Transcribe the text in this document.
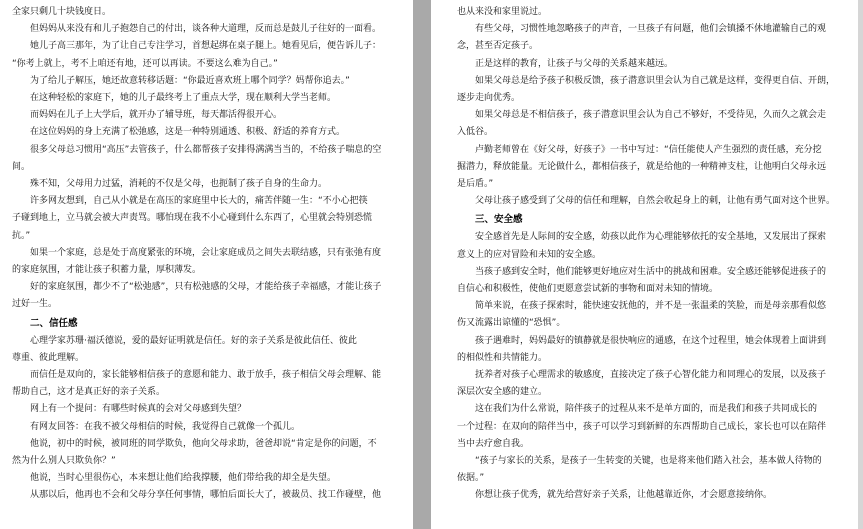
全家只剩几十块钱度日。

但妈妈从来没有和儿子抱怨自己的付出，谈各种大道理，反而总是鼓儿子往好的一面看。

她儿子高三那年，为了让自己专注学习，首想起绑在桌子腿上。她看见后，便告诉儿子：

“你考上就上，考不上咱还有地，还可以再读。不要这么难为自己。”

为了给儿子解压，她还故意转移话题：“你最近喜欢班上哪个同学？妈帮你追去。”

在这种轻松的家庭下，她的儿子最终考上了重点大学，现在顺利大学当老师。

而妈妈在儿子上大学后，就开办了辅导班，每天都活得很开心。

在这位妈妈的身上充满了松弛感，这是一种特别通透、积极、舒适的养育方式。

很多父母总习惯用“高压”去管孩子，什么都帮孩子安排得满满当当的，不给孩子喘息的空

间。

殊不知，父母用力过猛，消耗的不仅是父母，也扼制了孩子自身的生命力。

许多网友想到，自己从小就是在高压的家庭里中长大的，痛苦伴随一生：“不小心把筷

子碰到地上，立马就会被大声责骂。哪怕现在我不小心碰到什么东西了，心里就会特别恐慌

抗。”

如果一个家庭，总是处于高度紧张的环境，会让家庭成员之间失去联结感，只有张弛有度

的家庭氛围，才能让孩子积蓄力量，厚积薄发。

好的家庭氛围，都少不了“松弛感”，只有松弛感的父母，才能给孩子幸福感，才能让孩子

过好一生。

二、信任感

心理学家苏珊·福沃德说，爱的最好证明就是信任。好的亲子关系是彼此信任、彼此

尊重、彼此理解。

而信任是双向的，家长能够相信孩子的意愿和能力、敢于放手，孩子相信父母会理解、能

帮助自己，这才是真正好的亲子关系。

网上有一个提问：有哪些时候真的会对父母感到失望？

有网友回答：在我不被父母相信的时候，我觉得自己就像一个孤儿。

他说，初中的时候，被同班的同学欺负，他向父母求助，爸爸却说“肯定是你的问题，不

然为什么别人只欺负你？”

他说，当时心里很伤心，本来想让他们给我撑腰，他们带给我的却全是失望。

从那以后，他再也不会和父母分享任何事情，哪怕后面长大了，被裁员、找工作碰壁，他

也从来没和家里说过。

有些父母，习惯性地忽略孩子的声音，一旦孩子有问题，他们会镇搡不休地灌输自己的观

念，甚至否定孩子。

正是这样的教育，让孩子与父母的关系越来越远。

如果父母总是给予孩子积极反馈，孩子潜意识里会认为自己就是这样，变得更自信、开朗，

逐步走向优秀。

如果父母总是不相信孩子，孩子潜意识里会认为自己不够好，不受待见，久而久之就会走

入低谷。

卢勤老师曾在《好父母，好孩子》一书中写过：“信任能使人产生强烈的责任感，充分挖

掘潜力，释放能量。无论做什么，都相信孩子，就是给他的一种精神支柱，让他明白父母永远

是后盾。”

父母让孩子感受到了父母的信任和理解，自然会收起身上的刺，让他有勇气面对这个世界。

三、安全感

安全感首先是人际间的安全感，幼孩以此作为心理能够依托的安全基地，又发展出了探索

意义上的应对冒险和未知的安全感。

当孩子感到安全时，他们能够更好地应对生活中的挑战和困难。安全感还能够促进孩子的

自信心和积极性，使他们更愿意尝试新的事物和面对未知的情境。

简单来说，在孩子探索时，能快速安抚他的，并不是一张温柔的笑脸，而是母亲那看似悠

伤又流露出谅懂的“恐惧”。

孩子遇难时，妈妈最好的镇静就是很快响应的通感，在这个过程里，她会体现着上面讲到

的相似性和共情能力。

抚养者对孩子心理需求的敏感度，直接决定了孩子心智化能力和同理心的发展，以及孩子

深层次安全感的建立。

这在我们为什么常说，陪伴孩子的过程从来不是单方面的，而是我们和孩子共同成长的

一个过程：在双向的陪伴当中，孩子可以学习到新鲜的东西帮助自己成长，家长也可以在陪伴

当中去疗愈自我。

“孩子与家长的关系，是孩子一生转变的关键，也是将来他们踏入社会，基本做人待物的

依据。”

你想让孩子优秀，就先给营好亲子关系，让他越靠近你，才会愿意接纳你。
